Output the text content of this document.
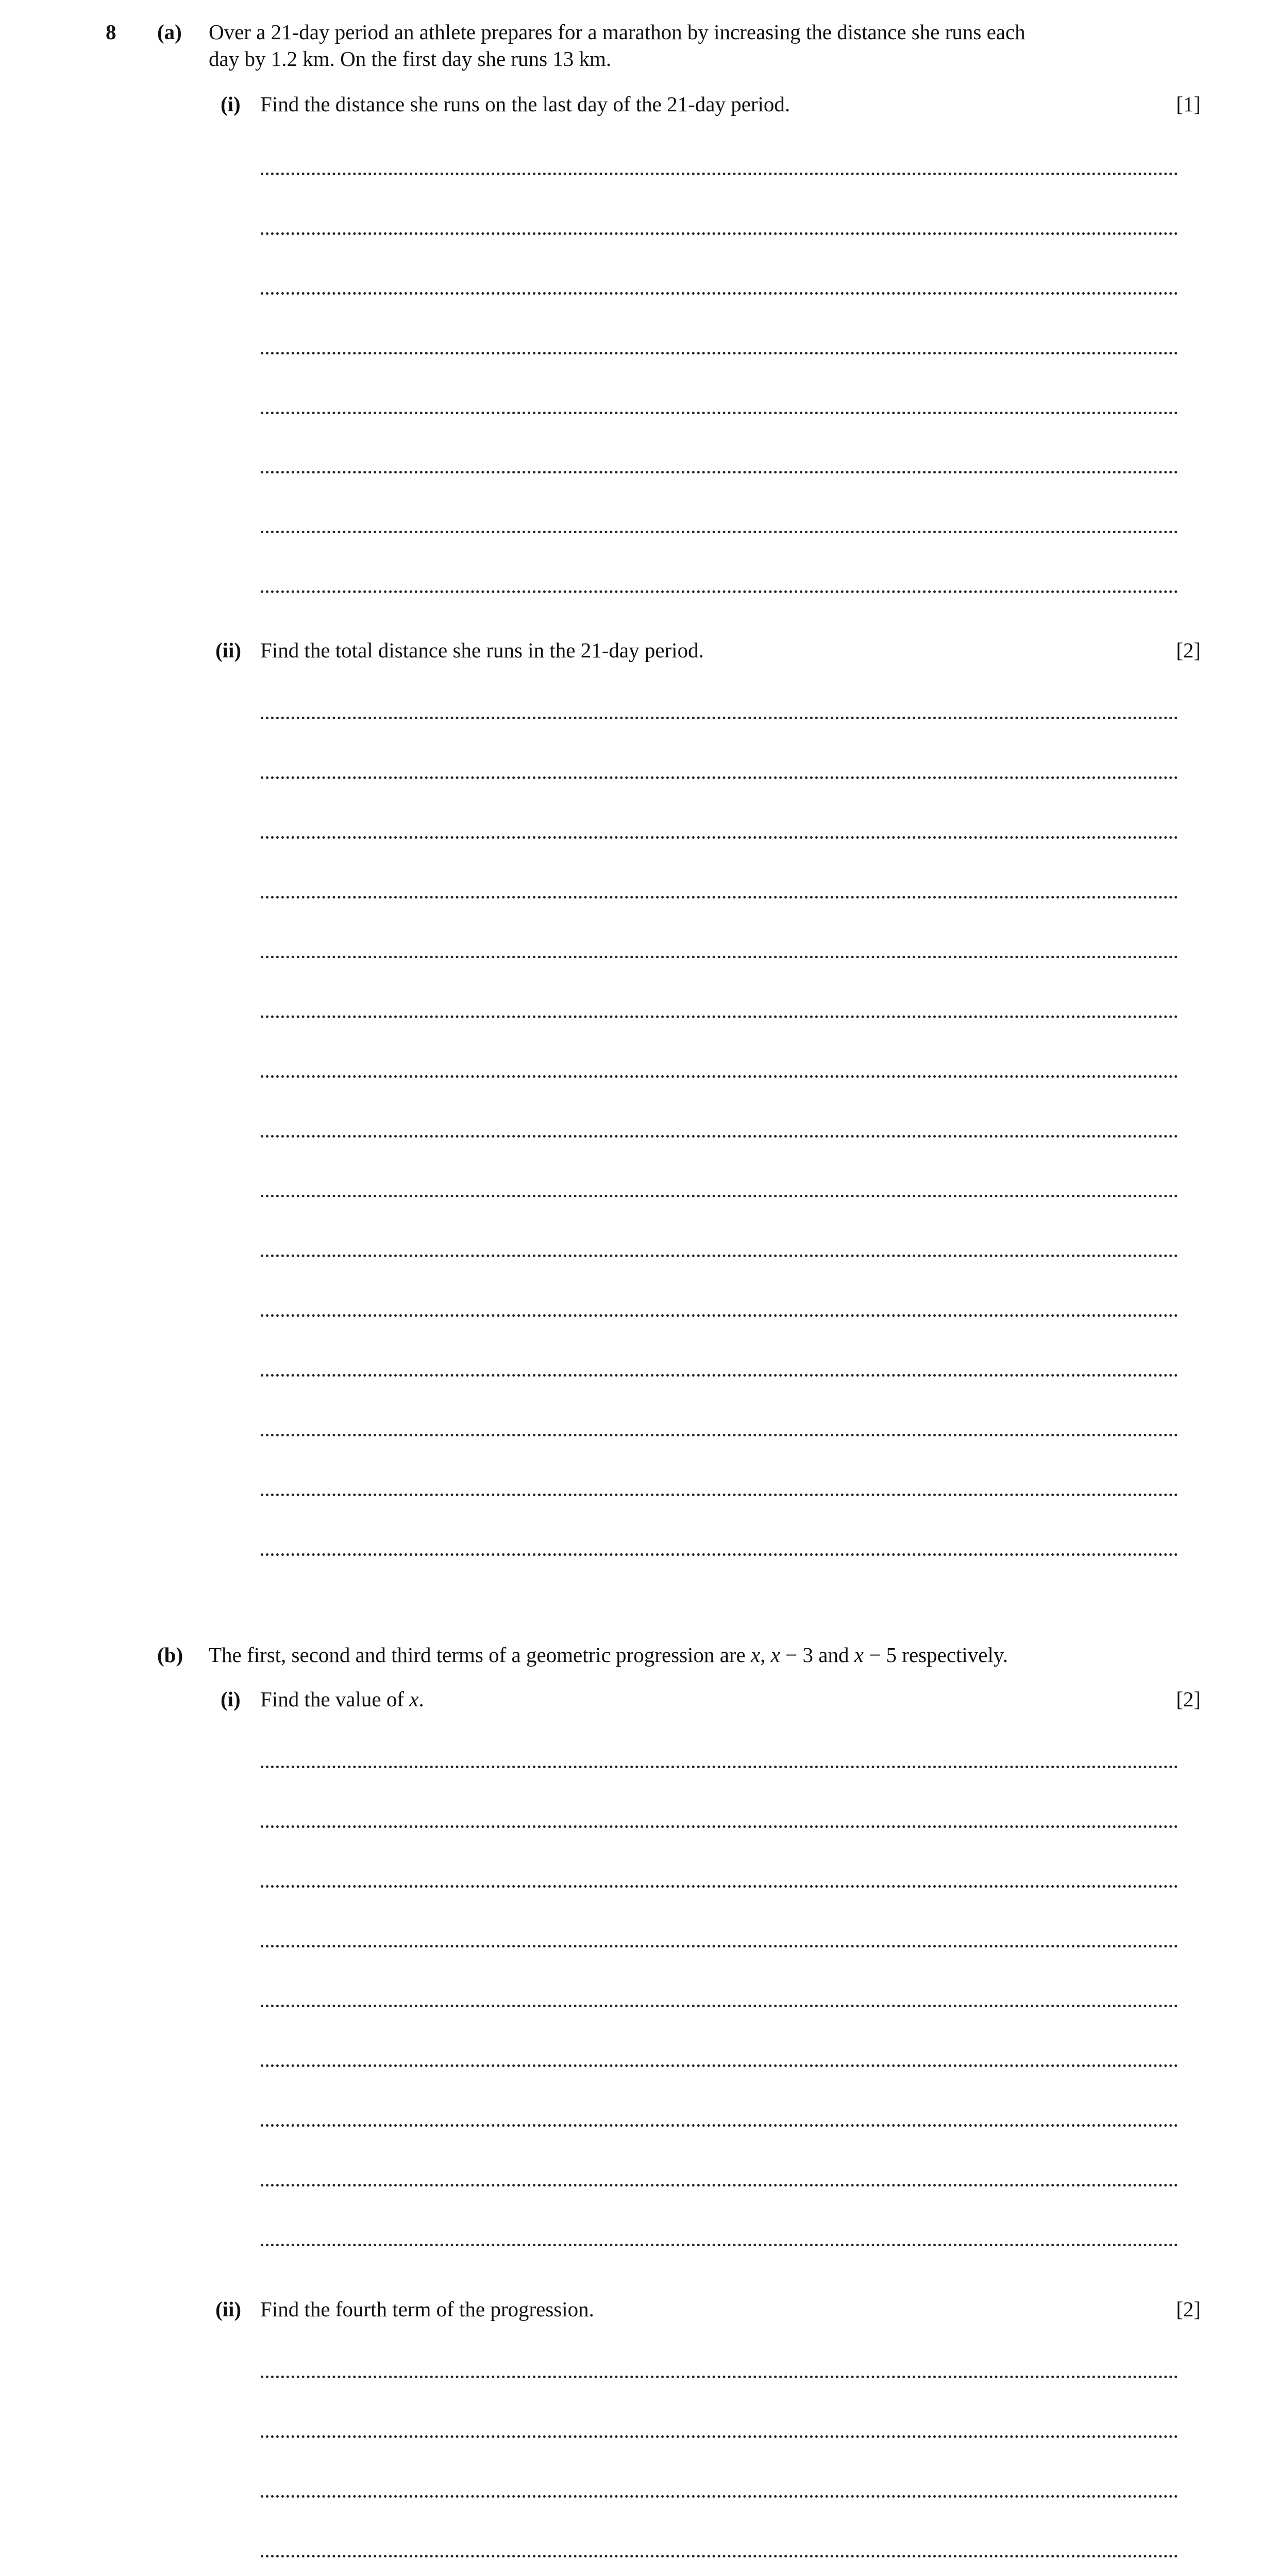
8 (a) Over a 21-day period an athlete prepares for a marathon by increasing the distance she runs each
day by 1.2 km. On the first day she runs 13 km.
(i) Find the distance she runs on the last day of the 21-day period.	[1]
(ii) Find the total distance she runs in the 21-day period.	[2]
(b) The first, second and third terms of a geometric progression are x, x − 3 and x − 5 respectively.
(i) Find the value of x.	[2]
(ii) Find the fourth term of the progression.	[2]
